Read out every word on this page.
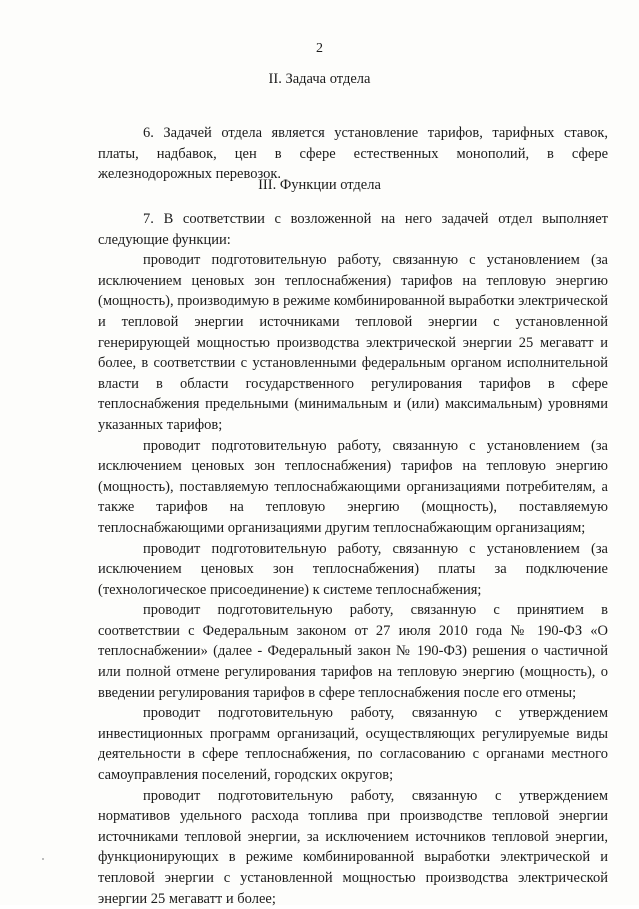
2
II. Задача отдела

6. Задачей отдела является установление тарифов, тарифных ставок, платы, надбавок, цен в сфере естественных монополий, в сфере железнодорожных перевозок.

III. Функции отдела

7. В соответствии с возложенной на него задачей отдел выполняет следующие функции:

проводит подготовительную работу, связанную с установлением (за исключением ценовых зон теплоснабжения) тарифов на тепловую энергию (мощность), производимую в режиме комбинированной выработки электрической и тепловой энергии источниками тепловой энергии с установленной генерирующей мощностью производства электрической энергии 25 мегаватт и более, в соответствии с установленными федеральным органом исполнительной власти в области государственного регулирования тарифов в сфере теплоснабжения предельными (минимальным и (или) максимальным) уровнями указанных тарифов;

проводит подготовительную работу, связанную с установлением (за исключением ценовых зон теплоснабжения) тарифов на тепловую энергию (мощность), поставляемую теплоснабжающими организациями потребителям, а также тарифов на тепловую энергию (мощность), поставляемую теплоснабжающими организациями другим теплоснабжающим организациям;

проводит подготовительную работу, связанную с установлением (за исключением ценовых зон теплоснабжения) платы за подключение (технологическое присоединение) к системе теплоснабжения;

проводит подготовительную работу, связанную с принятием в соответствии с Федеральным законом от 27 июля 2010 года № 190-ФЗ «О теплоснабжении» (далее - Федеральный закон № 190-ФЗ) решения о частичной или полной отмене регулирования тарифов на тепловую энергию (мощность), о введении регулирования тарифов в сфере теплоснабжения после его отмены;

проводит подготовительную работу, связанную с утверждением инвестиционных программ организаций, осуществляющих регулируемые виды деятельности в сфере теплоснабжения, по согласованию с органами местного самоуправления поселений, городских округов;

проводит подготовительную работу, связанную с утверждением нормативов удельного расхода топлива при производстве тепловой энергии источниками тепловой энергии, за исключением источников тепловой энергии, функционирующих в режиме комбинированной выработки электрической и тепловой энергии с установленной мощностью производства электрической энергии 25 мегаватт и более;
